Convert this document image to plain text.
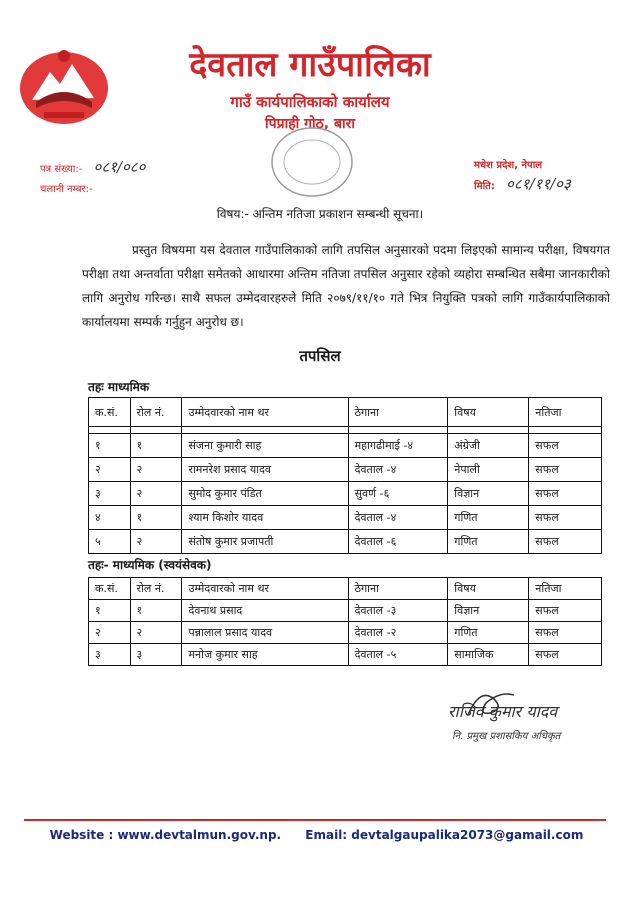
देवताल गाउँपालिका
गाउँ कार्यपालिकाको कार्यालय
पिप्राही गोठ, बारा
पत्र संख्या:- ०८१/०८०
चलानी नम्बर:-
मधेश प्रदेश, नेपाल
मिति: ०८१/११/०३
विषय:- अन्तिम नतिजा प्रकाशन सम्बन्धी सूचना।
प्रस्तुत विषयमा यस देवताल गाउँपालिकाको लागि तपसिल अनुसारको पदमा लिइएको सामान्य परीक्षा, विषयगत परीक्षा तथा अन्तर्वाता परीक्षा समेतको आधारमा अन्तिम नतिजा तपसिल अनुसार रहेको व्यहोरा सम्बन्धित सबैमा जानकारीको लागि अनुरोध गरिन्छ। साथै सफल उम्मेदवारहरुले मिति २०७९/११/१० गते भित्र नियुक्ति पत्रको लागि गाउँकार्यपालिकाको कार्यालयमा सम्पर्क गर्नुहुन अनुरोध छ।
तपसिल
तहः माध्यमिक
क.सं.	रोल नं.	उम्मेदवारको नाम थर	ठेगाना	विषय	नतिजा

१	१	संजना कुमारी साह	महागढीमाई -४	अंग्रेजी	सफल
२	२	रामनरेश प्रसाद यादव	देवताल -४	नेपाली	सफल
३	२	सुमोद कुमार पंडित	सुवर्ण -६	विज्ञान	सफल
४	१	श्याम किशोर यादव	देवताल -४	गणित	सफल
५	२	संतोष कुमार प्रजापती	देवताल -६	गणित	सफल
तहः- माध्यमिक (स्वयंसेवक)
क.सं.	रोल नं.	उम्मेदवारको नाम थर	ठेगाना	विषय	नतिजा
१	१	देवनाथ प्रसाद	देवताल -३	विज्ञान	सफल
२	२	पन्नालाल प्रसाद यादव	देवताल -२	गणित	सफल
३	३	मनोज कुमार साह	देवताल -५	सामाजिक	सफल
राजिव कुमार यादव
नि. प्रमुख प्रशासकिय अधिकृत
Website : www.devtalmun.gov.np. Email: devtalgaupalika2073@gamail.com
